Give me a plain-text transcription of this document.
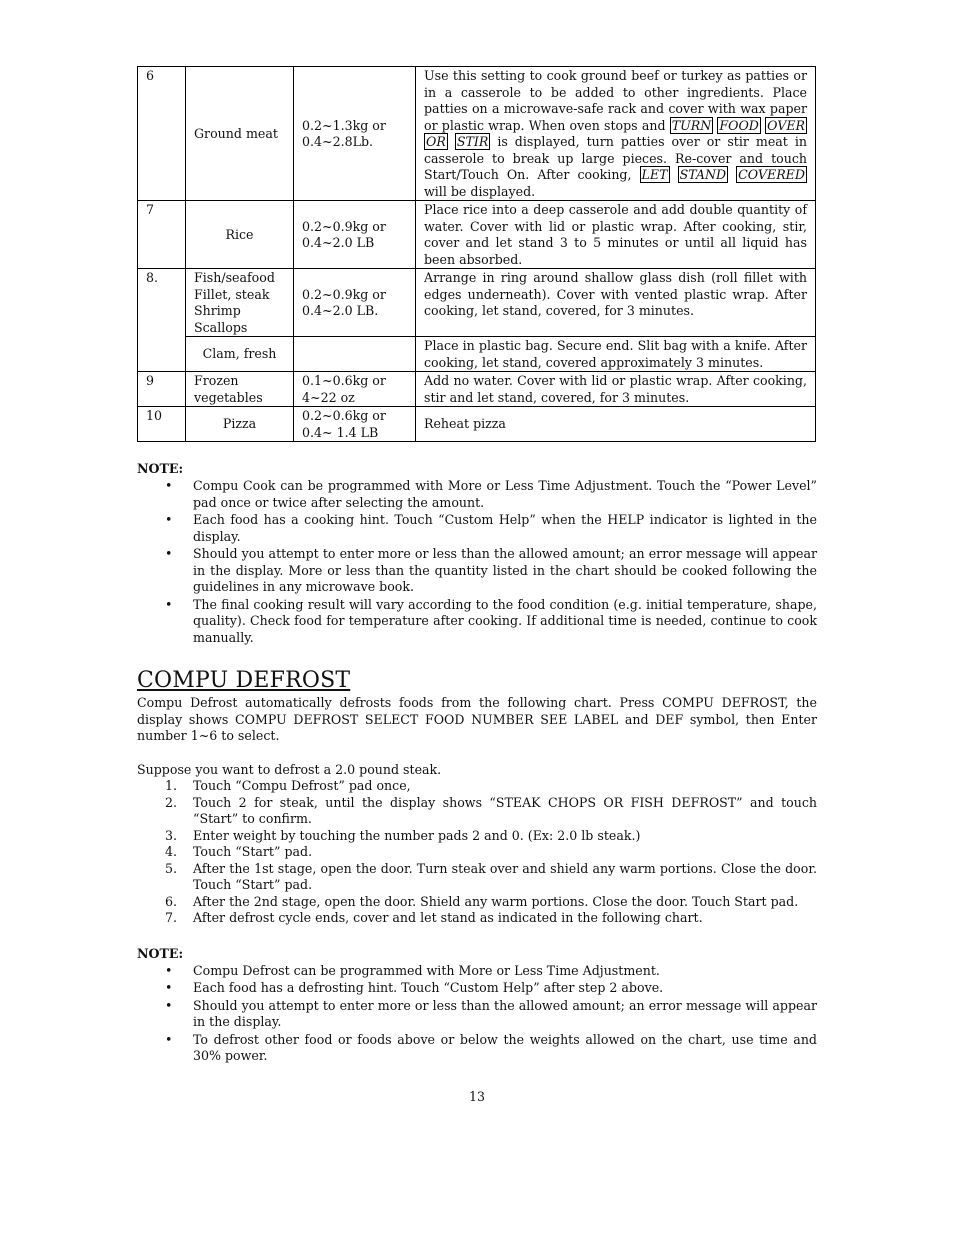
6	Ground meat	0.2~1.3kg or 0.4~2.8Lb.	Use this setting to cook ground beef or turkey as patties or in a casserole to be added to other ingredients. Place patties on a microwave-safe rack and cover with wax paper or plastic wrap. When oven stops and TURN FOOD OVER OR STIR is displayed, turn patties over or stir meat in casserole to break up large pieces. Re-cover and touch Start/Touch On. After cooking, LET STAND COVERED will be displayed.
7	Rice	0.2~0.9kg or 0.4~2.0 LB	Place rice into a deep casserole and add double quantity of water. Cover with lid or plastic wrap. After cooking, stir, cover and let stand 3 to 5 minutes or until all liquid has been absorbed.
8.	Fish/seafood
Fillet, steak
Shrimp
Scallops	0.2~0.9kg or 0.4~2.0 LB.	Arrange in ring around shallow glass dish (roll fillet with edges underneath). Cover with vented plastic wrap. After cooking, let stand, covered, for 3 minutes.
	Clam, fresh		Place in plastic bag. Secure end. Slit bag with a knife. After cooking, let stand, covered approximately 3 minutes.
9	Frozen vegetables	0.1~0.6kg or 4~22 oz	Add no water. Cover with lid or plastic wrap. After cooking, stir and let stand, covered, for 3 minutes.
10	Pizza	0.2~0.6kg or 0.4~ 1.4 LB	Reheat pizza
NOTE:
• Compu Cook can be programmed with More or Less Time Adjustment. Touch the “Power Level” pad once or twice after selecting the amount.
• Each food has a cooking hint. Touch “Custom Help” when the HELP indicator is lighted in the display.
• Should you attempt to enter more or less than the allowed amount; an error message will appear in the display. More or less than the quantity listed in the chart should be cooked following the guidelines in any microwave book.
• The final cooking result will vary according to the food condition (e.g. initial temperature, shape, quality). Check food for temperature after cooking. If additional time is needed, continue to cook manually.
COMPU DEFROST

Compu Defrost automatically defrosts foods from the following chart. Press COMPU DEFROST, the display shows COMPU DEFROST SELECT FOOD NUMBER SEE LABEL and DEF symbol, then Enter number 1~6 to select.

Suppose you want to defrost a 2.0 pound steak.

1. Touch “Compu Defrost” pad once,
2. Touch 2 for steak, until the display shows “STEAK CHOPS OR FISH DEFROST” and touch “Start” to confirm.
3. Enter weight by touching the number pads 2 and 0. (Ex: 2.0 lb steak.)
4. Touch “Start” pad.
5. After the 1st stage, open the door. Turn steak over and shield any warm portions. Close the door. Touch “Start” pad.
6. After the 2nd stage, open the door. Shield any warm portions. Close the door. Touch Start pad.
7. After defrost cycle ends, cover and let stand as indicated in the following chart.
NOTE:
• Compu Defrost can be programmed with More or Less Time Adjustment.
• Each food has a defrosting hint. Touch “Custom Help” after step 2 above.
• Should you attempt to enter more or less than the allowed amount; an error message will appear in the display.
• To defrost other food or foods above or below the weights allowed on the chart, use time and 30% power.
13
